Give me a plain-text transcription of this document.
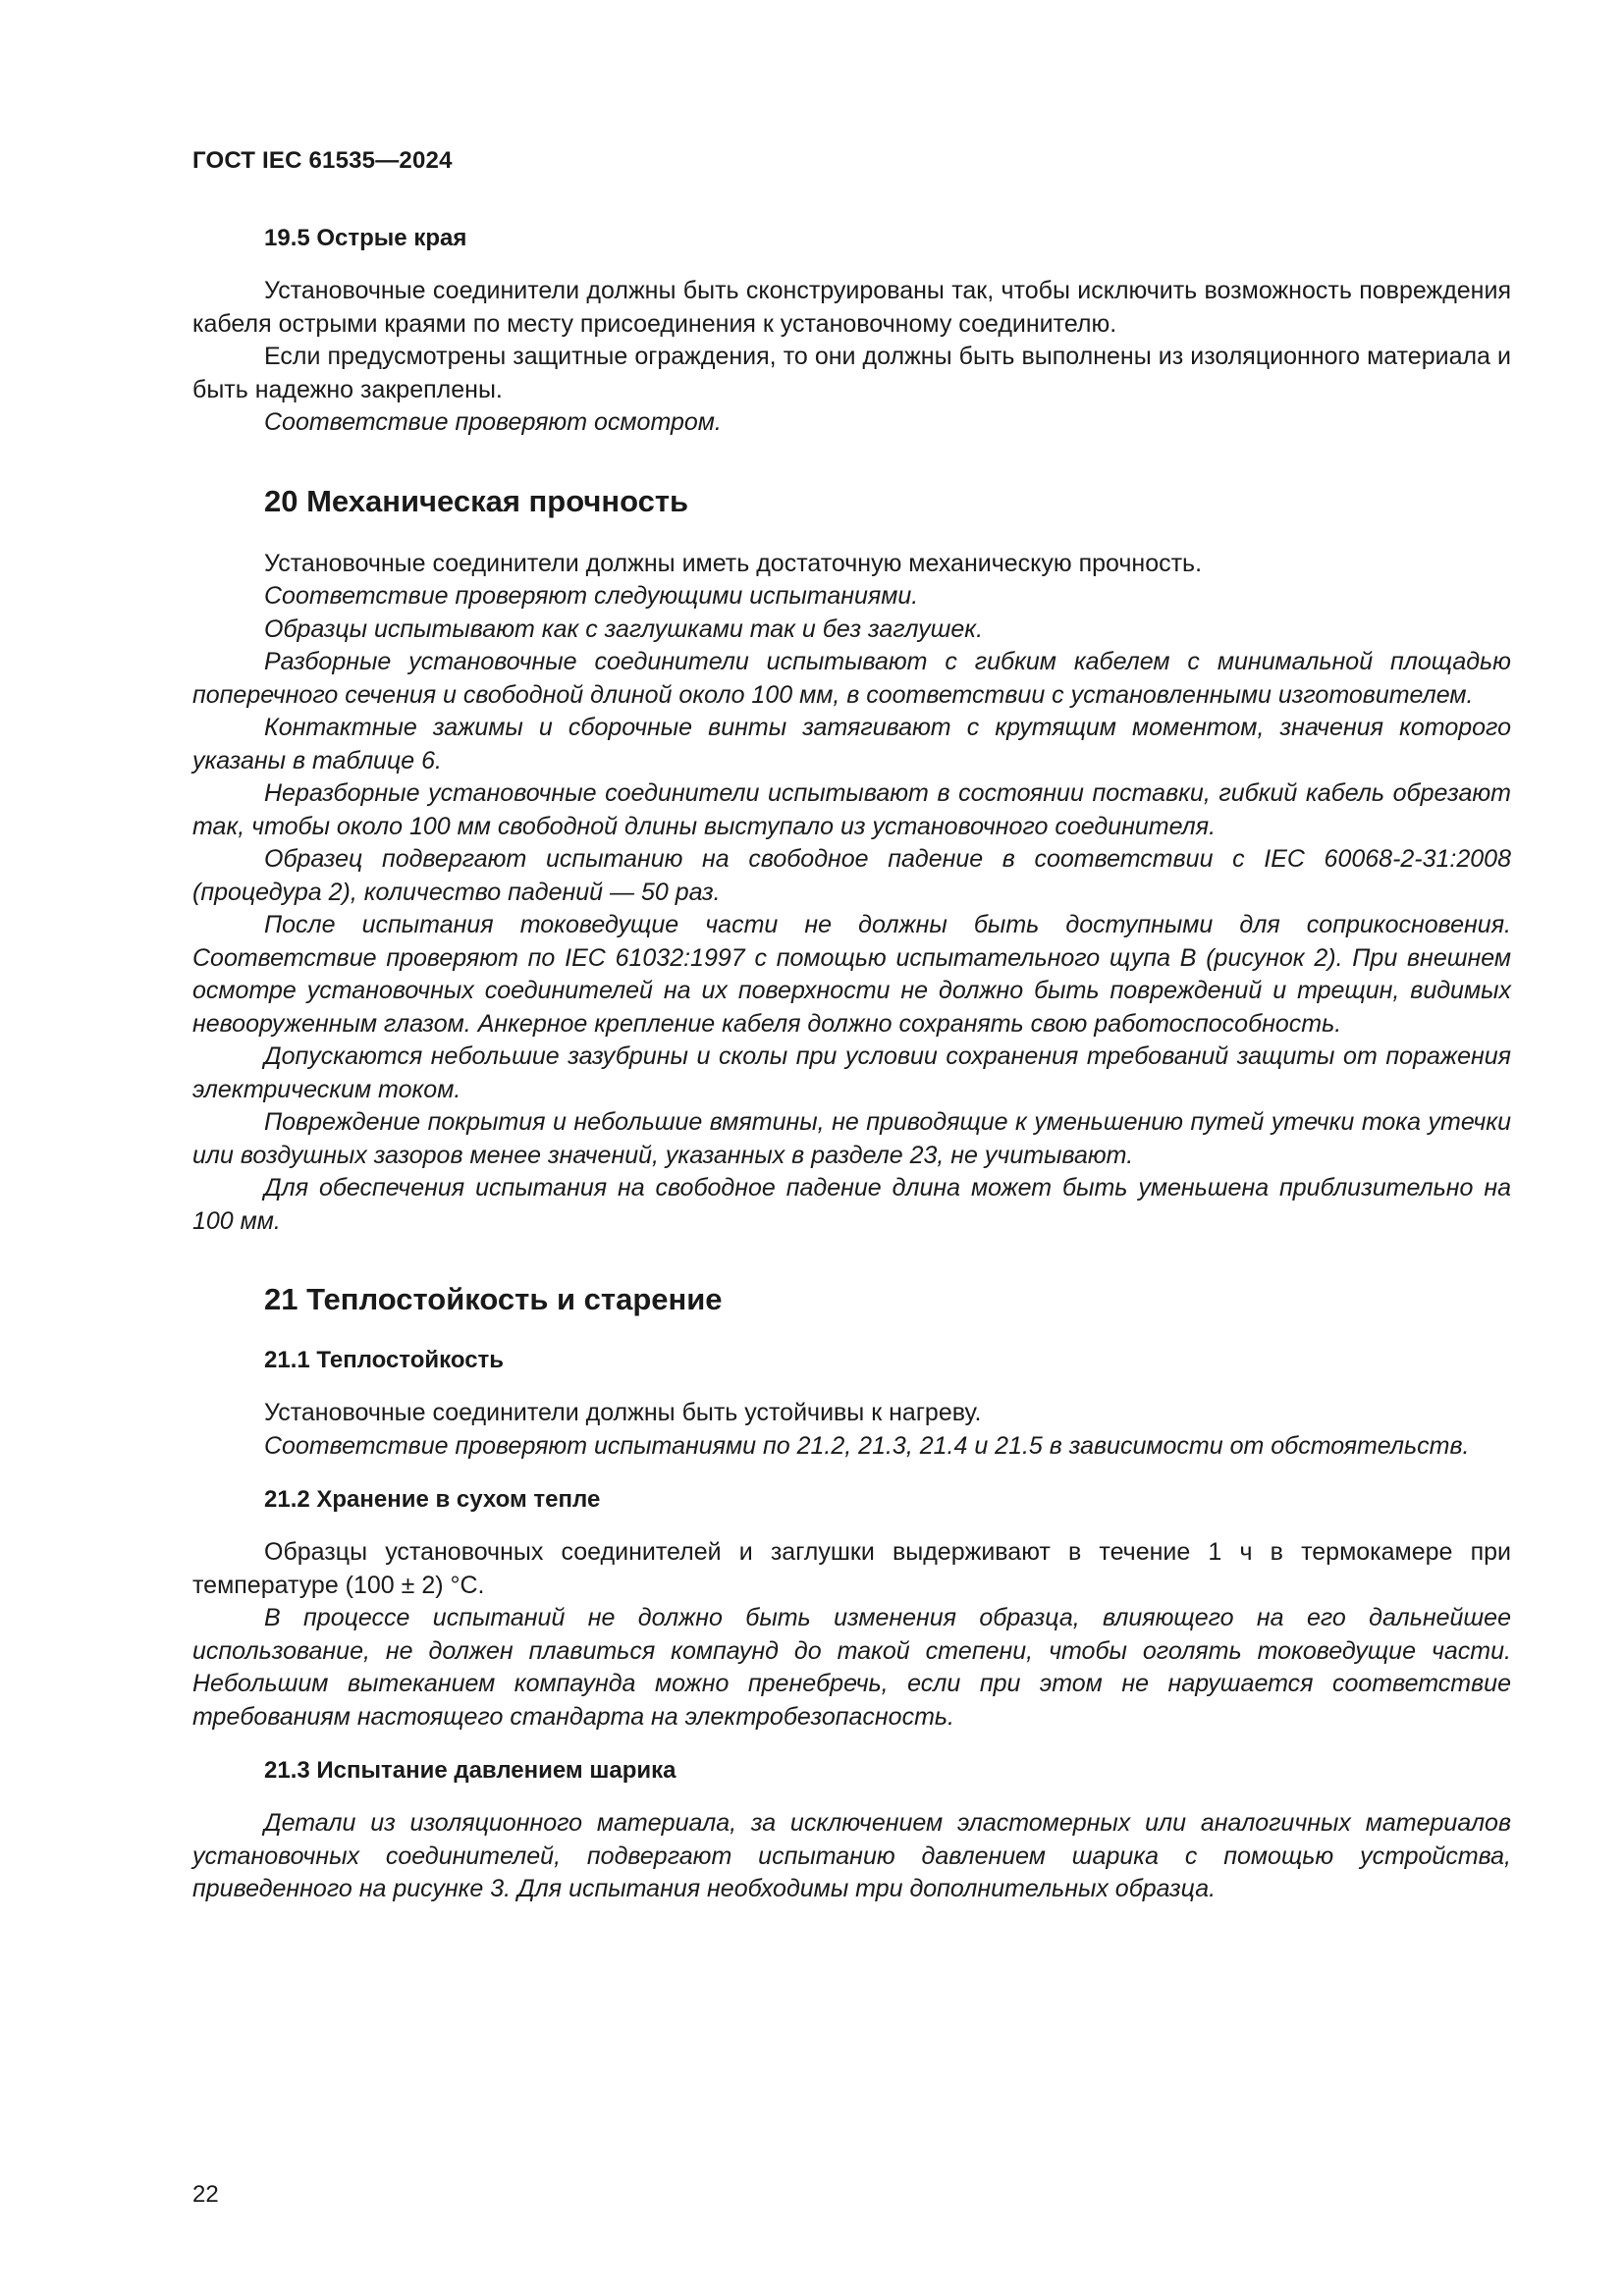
ГОСТ IEC 61535—2024
19.5 Острые края

Установочные соединители должны быть сконструированы так, чтобы исключить возможность повреждения кабеля острыми краями по месту присоединения к установочному соединителю.

Если предусмотрены защитные ограждения, то они должны быть выполнены из изоляционного материала и быть надежно закреплены.

Соответствие проверяют осмотром.

20 Механическая прочность

Установочные соединители должны иметь достаточную механическую прочность.

Соответствие проверяют следующими испытаниями.

Образцы испытывают как с заглушками так и без заглушек.

Разборные установочные соединители испытывают с гибким кабелем с минимальной площадью поперечного сечения и свободной длиной около 100 мм, в соответствии с установленными изготовителем.

Контактные зажимы и сборочные винты затягивают с крутящим моментом, значения которого указаны в таблице 6.

Неразборные установочные соединители испытывают в состоянии поставки, гибкий кабель обрезают так, чтобы около 100 мм свободной длины выступало из установочного соединителя.

Образец подвергают испытанию на свободное падение в соответствии с IEC 60068-2-31:2008 (процедура 2), количество падений — 50 раз.

После испытания токоведущие части не должны быть доступными для соприкосновения. Соответствие проверяют по IEC 61032:1997 с помощью испытательного щупа В (рисунок 2). При внешнем осмотре установочных соединителей на их поверхности не должно быть повреждений и трещин, видимых невооруженным глазом. Анкерное крепление кабеля должно сохранять свою работоспособность.

Допускаются небольшие зазубрины и сколы при условии сохранения требований защиты от поражения электрическим током.

Повреждение покрытия и небольшие вмятины, не приводящие к уменьшению путей утечки тока утечки или воздушных зазоров менее значений, указанных в разделе 23, не учитывают.

Для обеспечения испытания на свободное падение длина может быть уменьшена приблизительно на 100 мм.

21 Теплостойкость и старение
21.1 Теплостойкость

Установочные соединители должны быть устойчивы к нагреву.

Соответствие проверяют испытаниями по 21.2, 21.3, 21.4 и 21.5 в зависимости от обстоятельств.

21.2 Хранение в сухом тепле

Образцы установочных соединителей и заглушки выдерживают в течение 1 ч в термокамере при температуре (100 ± 2) °С.

В процессе испытаний не должно быть изменения образца, влияющего на его дальнейшее использование, не должен плавиться компаунд до такой степени, чтобы оголять токоведущие части. Небольшим вытеканием компаунда можно пренебречь, если при этом не нарушается соответствие требованиям настоящего стандарта на электробезопасность.

21.3 Испытание давлением шарика

Детали из изоляционного материала, за исключением эластомерных или аналогичных материалов установочных соединителей, подвергают испытанию давлением шарика с помощью устройства, приведенного на рисунке 3. Для испытания необходимы три дополнительных образца.

22
